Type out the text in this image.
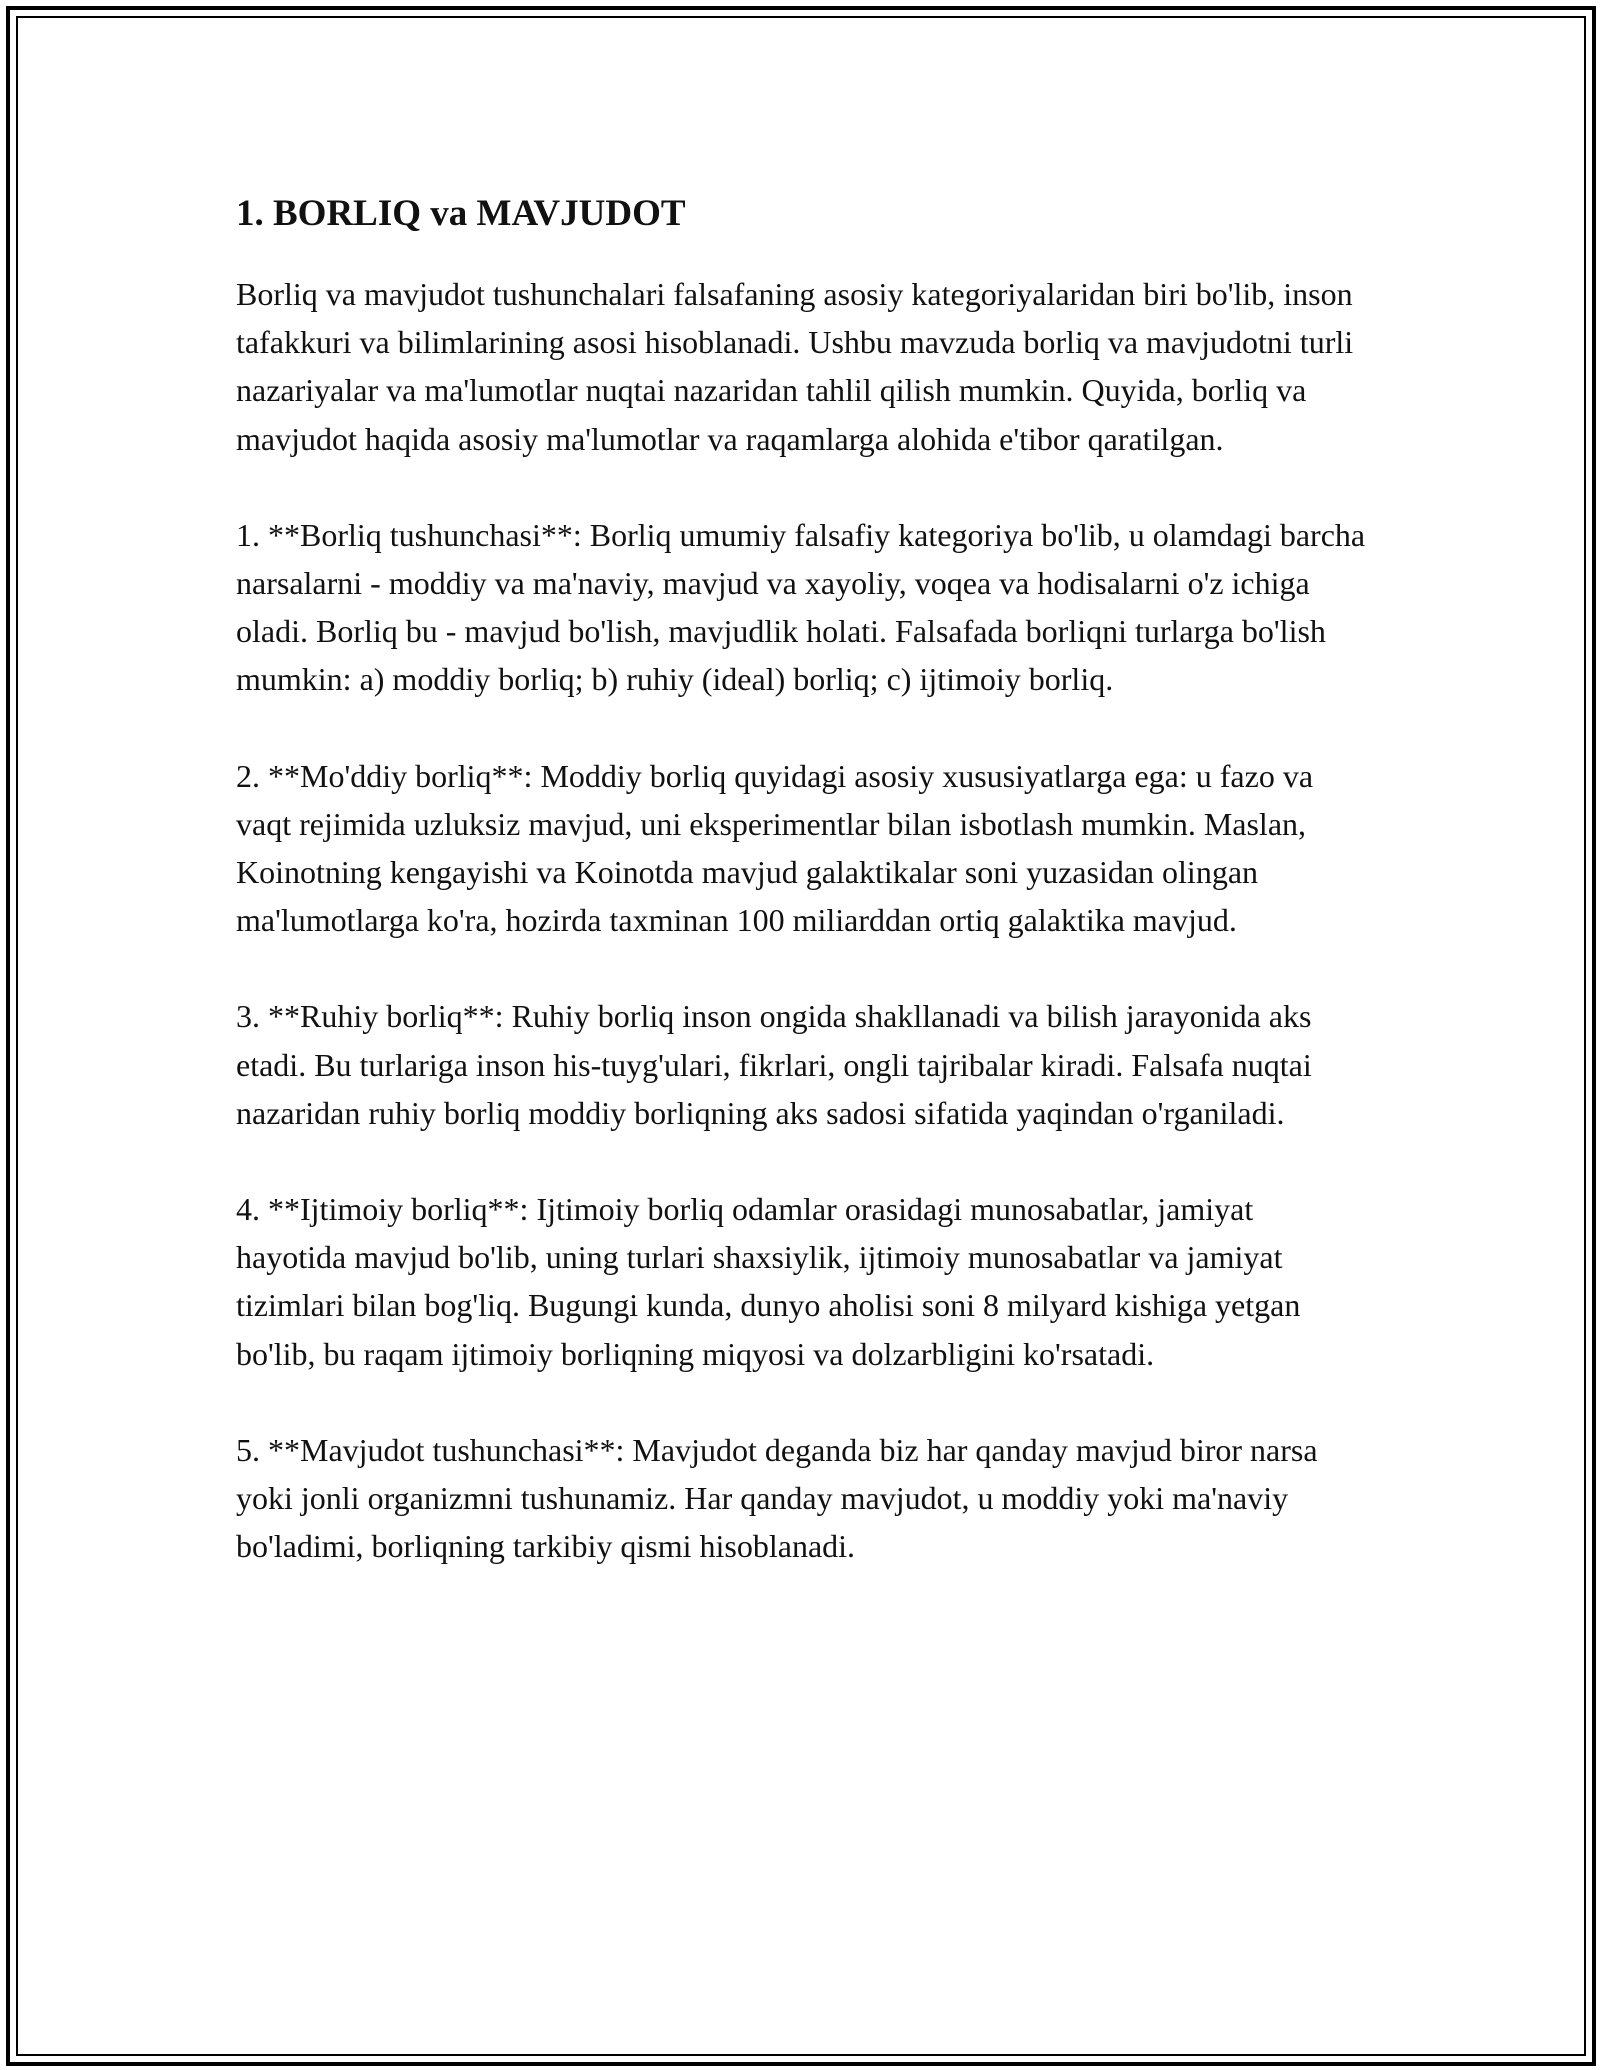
1. BORLIQ va MAVJUDOT

Borliq va mavjudot tushunchalari falsafaning asosiy kategoriyalaridan biri bo'lib, inson tafakkuri va bilimlarining asosi hisoblanadi. Ushbu mavzuda borliq va mavjudotni turli nazariyalar va ma'lumotlar nuqtai nazaridan tahlil qilish mumkin. Quyida, borliq va mavjudot haqida asosiy ma'lumotlar va raqamlarga alohida e'tibor qaratilgan.

1. **Borliq tushunchasi**: Borliq umumiy falsafiy kategoriya bo'lib, u olamdagi barcha narsalarni - moddiy va ma'naviy, mavjud va xayoliy, voqea va hodisalarni o'z ichiga oladi. Borliq bu - mavjud bo'lish, mavjudlik holati. Falsafada borliqni turlarga bo'lish mumkin: a) moddiy borliq; b) ruhiy (ideal) borliq; c) ijtimoiy borliq.

2. **Mo'ddiy borliq**: Moddiy borliq quyidagi asosiy xususiyatlarga ega: u fazo va vaqt rejimida uzluksiz mavjud, uni eksperimentlar bilan isbotlash mumkin. Maslan, Koinotning kengayishi va Koinotda mavjud galaktikalar soni yuzasidan olingan ma'lumotlarga ko'ra, hozirda taxminan 100 miliarddan ortiq galaktika mavjud.

3. **Ruhiy borliq**: Ruhiy borliq inson ongida shakllanadi va bilish jarayonida aks etadi. Bu turlariga inson his-tuyg'ulari, fikrlari, ongli tajribalar kiradi. Falsafa nuqtai nazaridan ruhiy borliq moddiy borliqning aks sadosi sifatida yaqindan o'rganiladi.

4. **Ijtimoiy borliq**: Ijtimoiy borliq odamlar orasidagi munosabatlar, jamiyat hayotida mavjud bo'lib, uning turlari shaxsiylik, ijtimoiy munosabatlar va jamiyat tizimlari bilan bog'liq. Bugungi kunda, dunyo aholisi soni 8 milyard kishiga yetgan bo'lib, bu raqam ijtimoiy borliqning miqyosi va dolzarbligini ko'rsatadi.

5. **Mavjudot tushunchasi**: Mavjudot deganda biz har qanday mavjud biror narsa yoki jonli organizmni tushunamiz. Har qanday mavjudot, u moddiy yoki ma'naviy bo'ladimi, borliqning tarkibiy qismi hisoblanadi.
